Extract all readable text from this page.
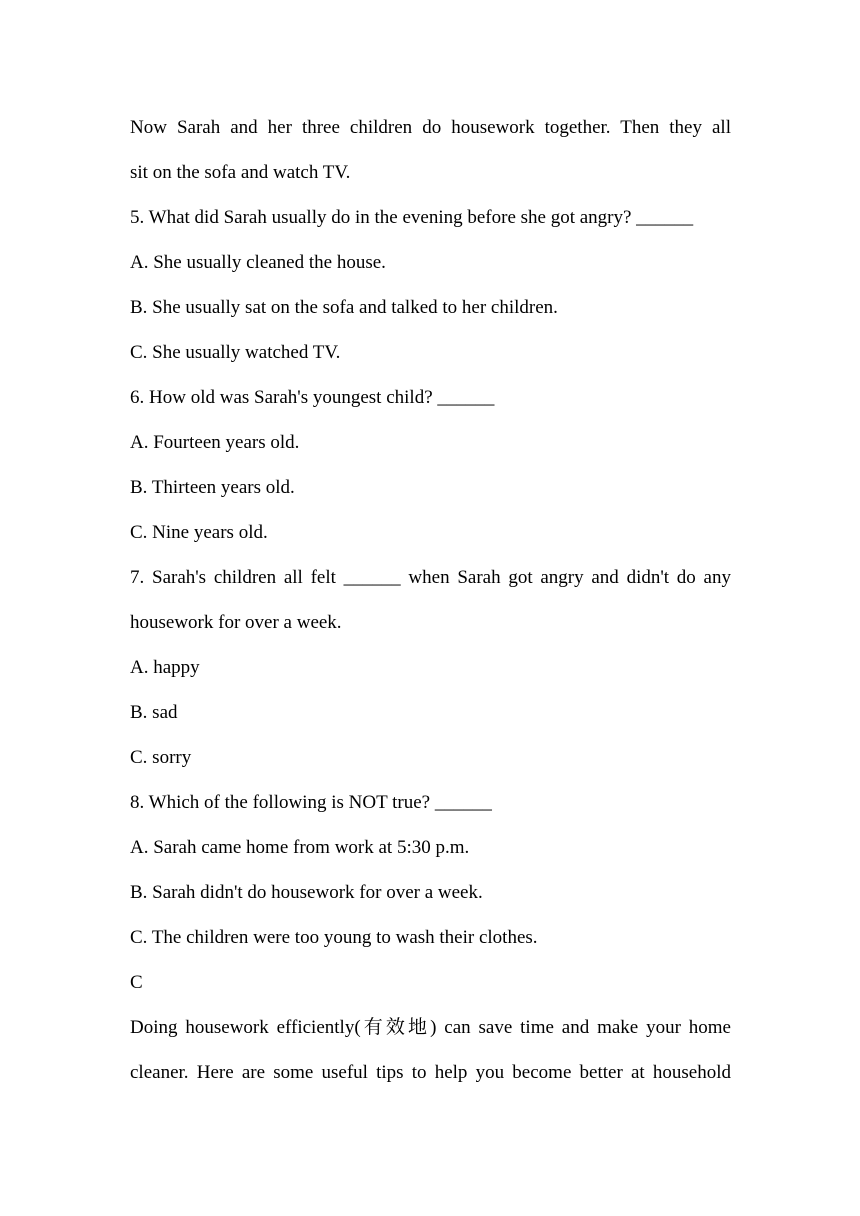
Now Sarah and her three children do housework together. Then they all
sit on the sofa and watch TV.
5. What did Sarah usually do in the evening before she got angry? ______
A. She usually cleaned the house.
B. She usually sat on the sofa and talked to her children.
C. She usually watched TV.
6. How old was Sarah's youngest child? ______
A. Fourteen years old.
B. Thirteen years old.
C. Nine years old.
7. Sarah's children all felt ______ when Sarah got angry and didn't do any
housework for over a week.
A. happy
B. sad
C. sorry
8. Which of the following is NOT true? ______
A. Sarah came home from work at 5:30 p.m.
B. Sarah didn't do housework for over a week.
C. The children were too young to wash their clothes.
C
Doing housework efficiently(有效地) can save time and make your home
cleaner. Here are some useful tips to help you become better at household
